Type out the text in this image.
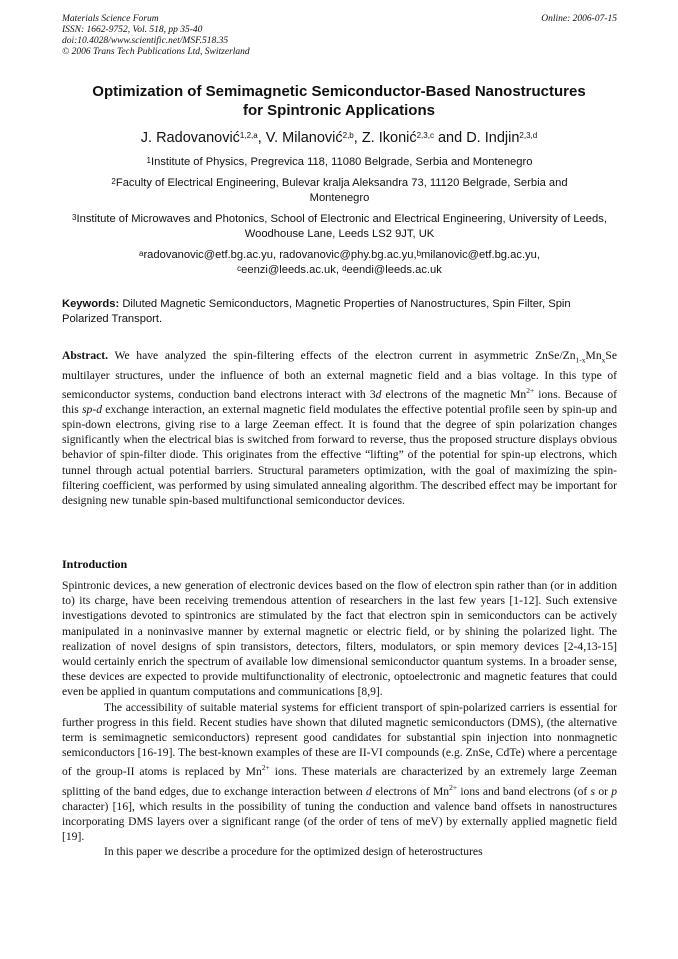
Materials Science Forum
ISSN: 1662-9752, Vol. 518, pp 35-40
doi:10.4028/www.scientific.net/MSF.518.35
© 2006 Trans Tech Publications Ltd, Switzerland
Online: 2006-07-15
Optimization of Semimagnetic Semiconductor-Based Nanostructures
for Spintronic Applications
J. Radovanović$^{1,2,a}$, V. Milanović$^{2,b}$, Z. Ikonić$^{2,3,c}$ and D. Indjin$^{2,3,d}$
$^1$Institute of Physics, Pregrevica 118, 11080 Belgrade, Serbia and Montenegro
$^2$Faculty of Electrical Engineering, Bulevar kralja Aleksandra 73, 11120 Belgrade, Serbia and Montenegro
$^3$Institute of Microwaves and Photonics, School of Electronic and Electrical Engineering, University of Leeds, Woodhouse Lane, Leeds LS2 9JT, UK
$^a$radovanovic@etf.bg.ac.yu, radovanovic@phy.bg.ac.yu,$^b$milanovic@etf.bg.ac.yu, $^c$eenzi@leeds.ac.uk, $^d$eendi@leeds.ac.uk
Keywords: Diluted Magnetic Semiconductors, Magnetic Properties of Nanostructures, Spin Filter, Spin Polarized Transport.
Abstract. We have analyzed the spin-filtering effects of the electron current in asymmetric ZnSe/$Zn_{1-x}Mn_xSe$ multilayer structures, under the influence of both an external magnetic field and a bias voltage. In this type of semiconductor systems, conduction band electrons interact with 3d electrons of the magnetic $Mn^{2+}$ ions. Because of this sp-d exchange interaction, an external magnetic field modulates the effective potential profile seen by spin-up and spin-down electrons, giving rise to a large Zeeman effect. It is found that the degree of spin polarization changes significantly when the electrical bias is switched from forward to reverse, thus the proposed structure displays obvious behavior of spin-filter diode. This originates from the effective “lifting” of the potential for spin-up electrons, which tunnel through actual potential barriers. Structural parameters optimization, with the goal of maximizing the spin-filtering coefficient, was performed by using simulated annealing algorithm. The described effect may be important for designing new tunable spin-based multifunctional semiconductor devices.
Introduction

Spintronic devices, a new generation of electronic devices based on the flow of electron spin rather than (or in addition to) its charge, have been receiving tremendous attention of researchers in the last few years [1-12]. Such extensive investigations devoted to spintronics are stimulated by the fact that electron spin in semiconductors can be actively manipulated in a noninvasive manner by external magnetic or electric field, or by shining the polarized light. The realization of novel designs of spin transistors, detectors, filters, modulators, or spin memory devices [2-4,13-15] would certainly enrich the spectrum of available low dimensional semiconductor quantum systems. In a broader sense, these devices are expected to provide multifunctionality of electronic, optoelectronic and magnetic features that could even be applied in quantum computations and communications [8,9].

The accessibility of suitable material systems for efficient transport of spin-polarized carriers is essential for further progress in this field. Recent studies have shown that diluted magnetic semiconductors (DMS), (the alternative term is semimagnetic semiconductors) represent good candidates for substantial spin injection into nonmagnetic semiconductors [16-19]. The best-known examples of these are II-VI compounds (e.g. ZnSe, CdTe) where a percentage of the group-II atoms is replaced by $Mn^{2+}$ ions. These materials are characterized by an extremely large Zeeman splitting of the band edges, due to exchange interaction between d electrons of $Mn^{2+}$ ions and band electrons (of s or p character) [16], which results in the possibility of tuning the conduction and valence band offsets in nanostructures incorporating DMS layers over a significant range (of the order of tens of meV) by externally applied magnetic field [19].

In this paper we describe a procedure for the optimized design of heterostructures
